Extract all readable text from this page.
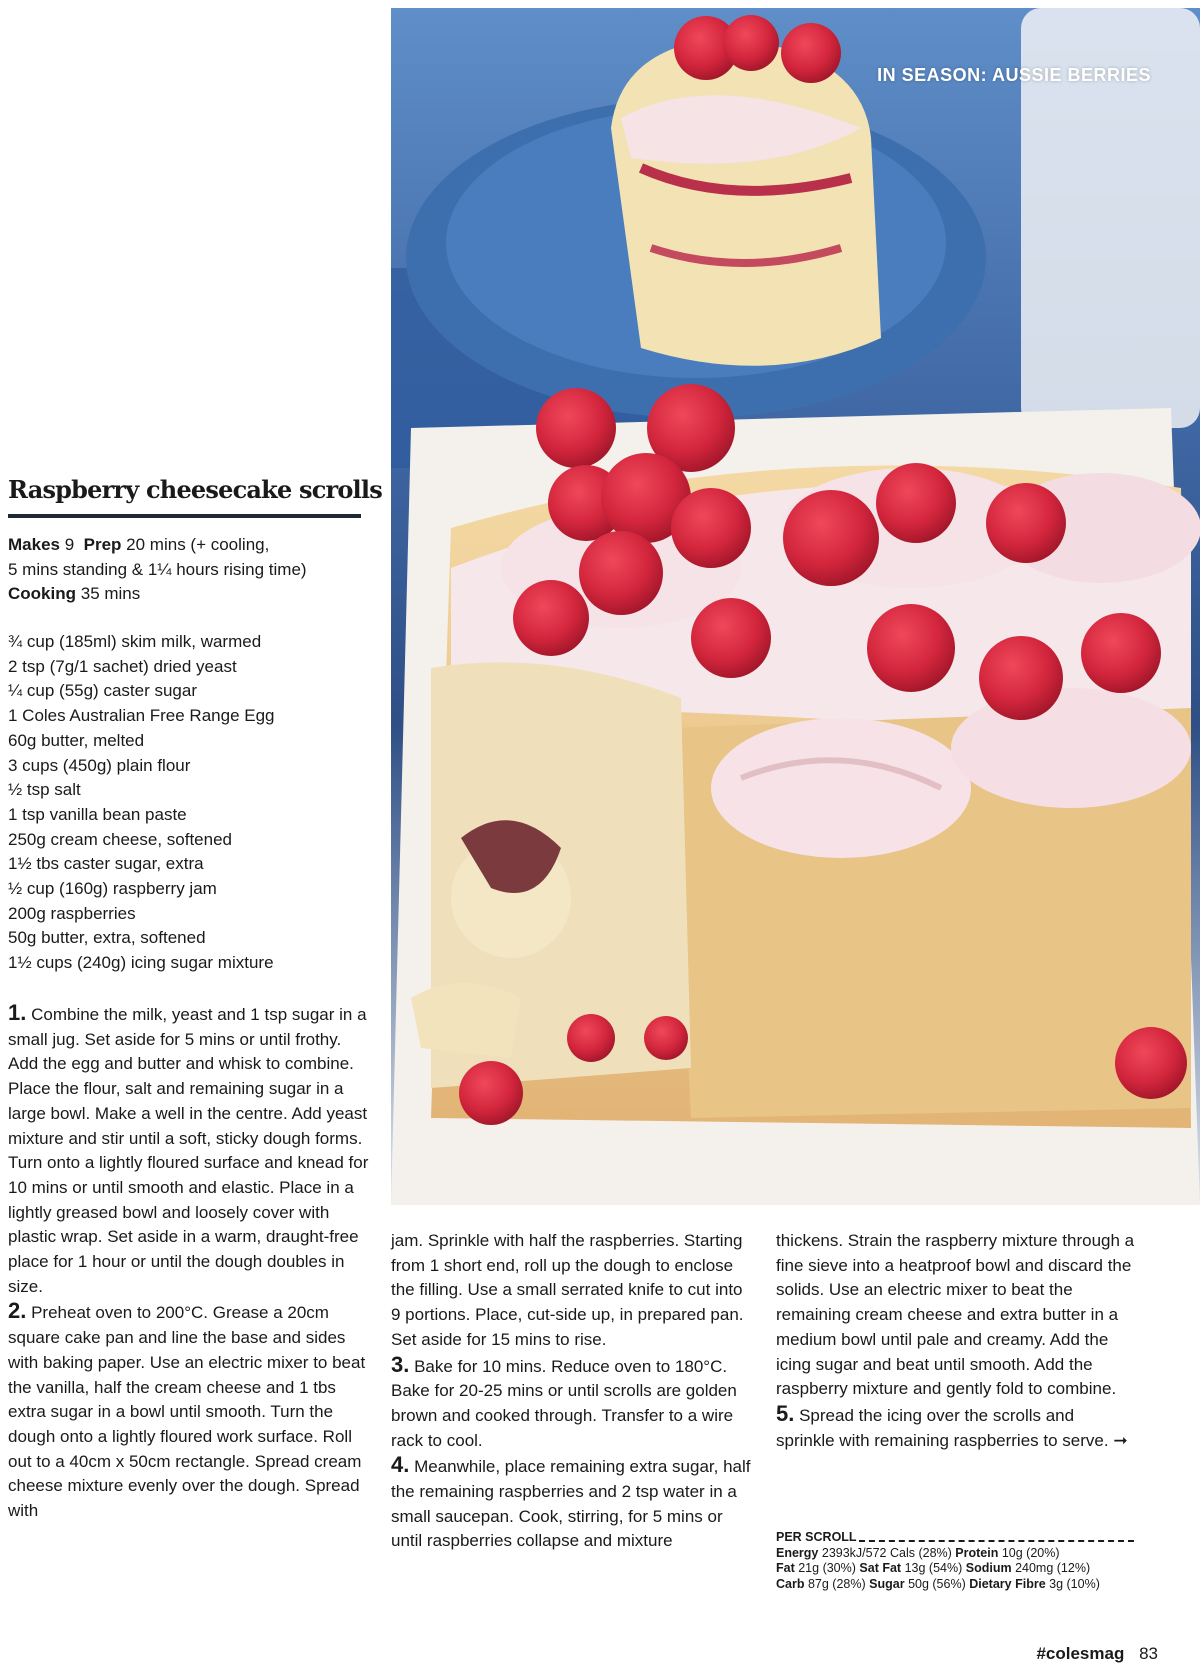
IN SEASON: AUSSIE BERRIES
Raspberry cheesecake scrolls
Makes 9 Prep 20 mins (+ cooling,
5 mins standing & 1¼ hours rising time)
Cooking 35 mins
¾ cup (185ml) skim milk, warmed
2 tsp (7g/1 sachet) dried yeast
¼ cup (55g) caster sugar
1 Coles Australian Free Range Egg
60g butter, melted
3 cups (450g) plain flour
½ tsp salt
1 tsp vanilla bean paste
250g cream cheese, softened
1½ tbs caster sugar, extra
½ cup (160g) raspberry jam
200g raspberries
50g butter, extra, softened
1½ cups (240g) icing sugar mixture
1. Combine the milk, yeast and 1 tsp sugar in a small jug. Set aside for 5 mins or until frothy. Add the egg and butter and whisk to combine. Place the flour, salt and remaining sugar in a large bowl. Make a well in the centre. Add yeast mixture and stir until a soft, sticky dough forms. Turn onto a lightly floured surface and knead for 10 mins or until smooth and elastic. Place in a lightly greased bowl and loosely cover with plastic wrap. Set aside in a warm, draught-free place for 1 hour or until the dough doubles in size.
2. Preheat oven to 200°C. Grease a 20cm square cake pan and line the base and sides with baking paper. Use an electric mixer to beat the vanilla, half the cream cheese and 1 tbs extra sugar in a bowl until smooth. Turn the dough onto a lightly floured work surface. Roll out to a 40cm x 50cm rectangle. Spread cream cheese mixture evenly over the dough. Spread with
jam. Sprinkle with half the raspberries. Starting from 1 short end, roll up the dough to enclose the filling. Use a small serrated knife to cut into 9 portions. Place, cut-side up, in prepared pan. Set aside for 15 mins to rise.
3. Bake for 10 mins. Reduce oven to 180°C. Bake for 20-25 mins or until scrolls are golden brown and cooked through. Transfer to a wire rack to cool.
4. Meanwhile, place remaining extra sugar, half the remaining raspberries and 2 tsp water in a small saucepan. Cook, stirring, for 5 mins or until raspberries collapse and mixture
thickens. Strain the raspberry mixture through a fine sieve into a heatproof bowl and discard the solids. Use an electric mixer to beat the remaining cream cheese and extra butter in a medium bowl until pale and creamy. Add the icing sugar and beat until smooth. Add the raspberry mixture and gently fold to combine.
5. Spread the icing over the scrolls and sprinkle with remaining raspberries to serve. ➞
PER SCROLL
Energy 2393kJ/572 Cals (28%) Protein 10g (20%)
Fat 21g (30%) Sat Fat 13g (54%) Sodium 240mg (12%)
Carb 87g (28%) Sugar 50g (56%) Dietary Fibre 3g (10%)
#colesmag 83
